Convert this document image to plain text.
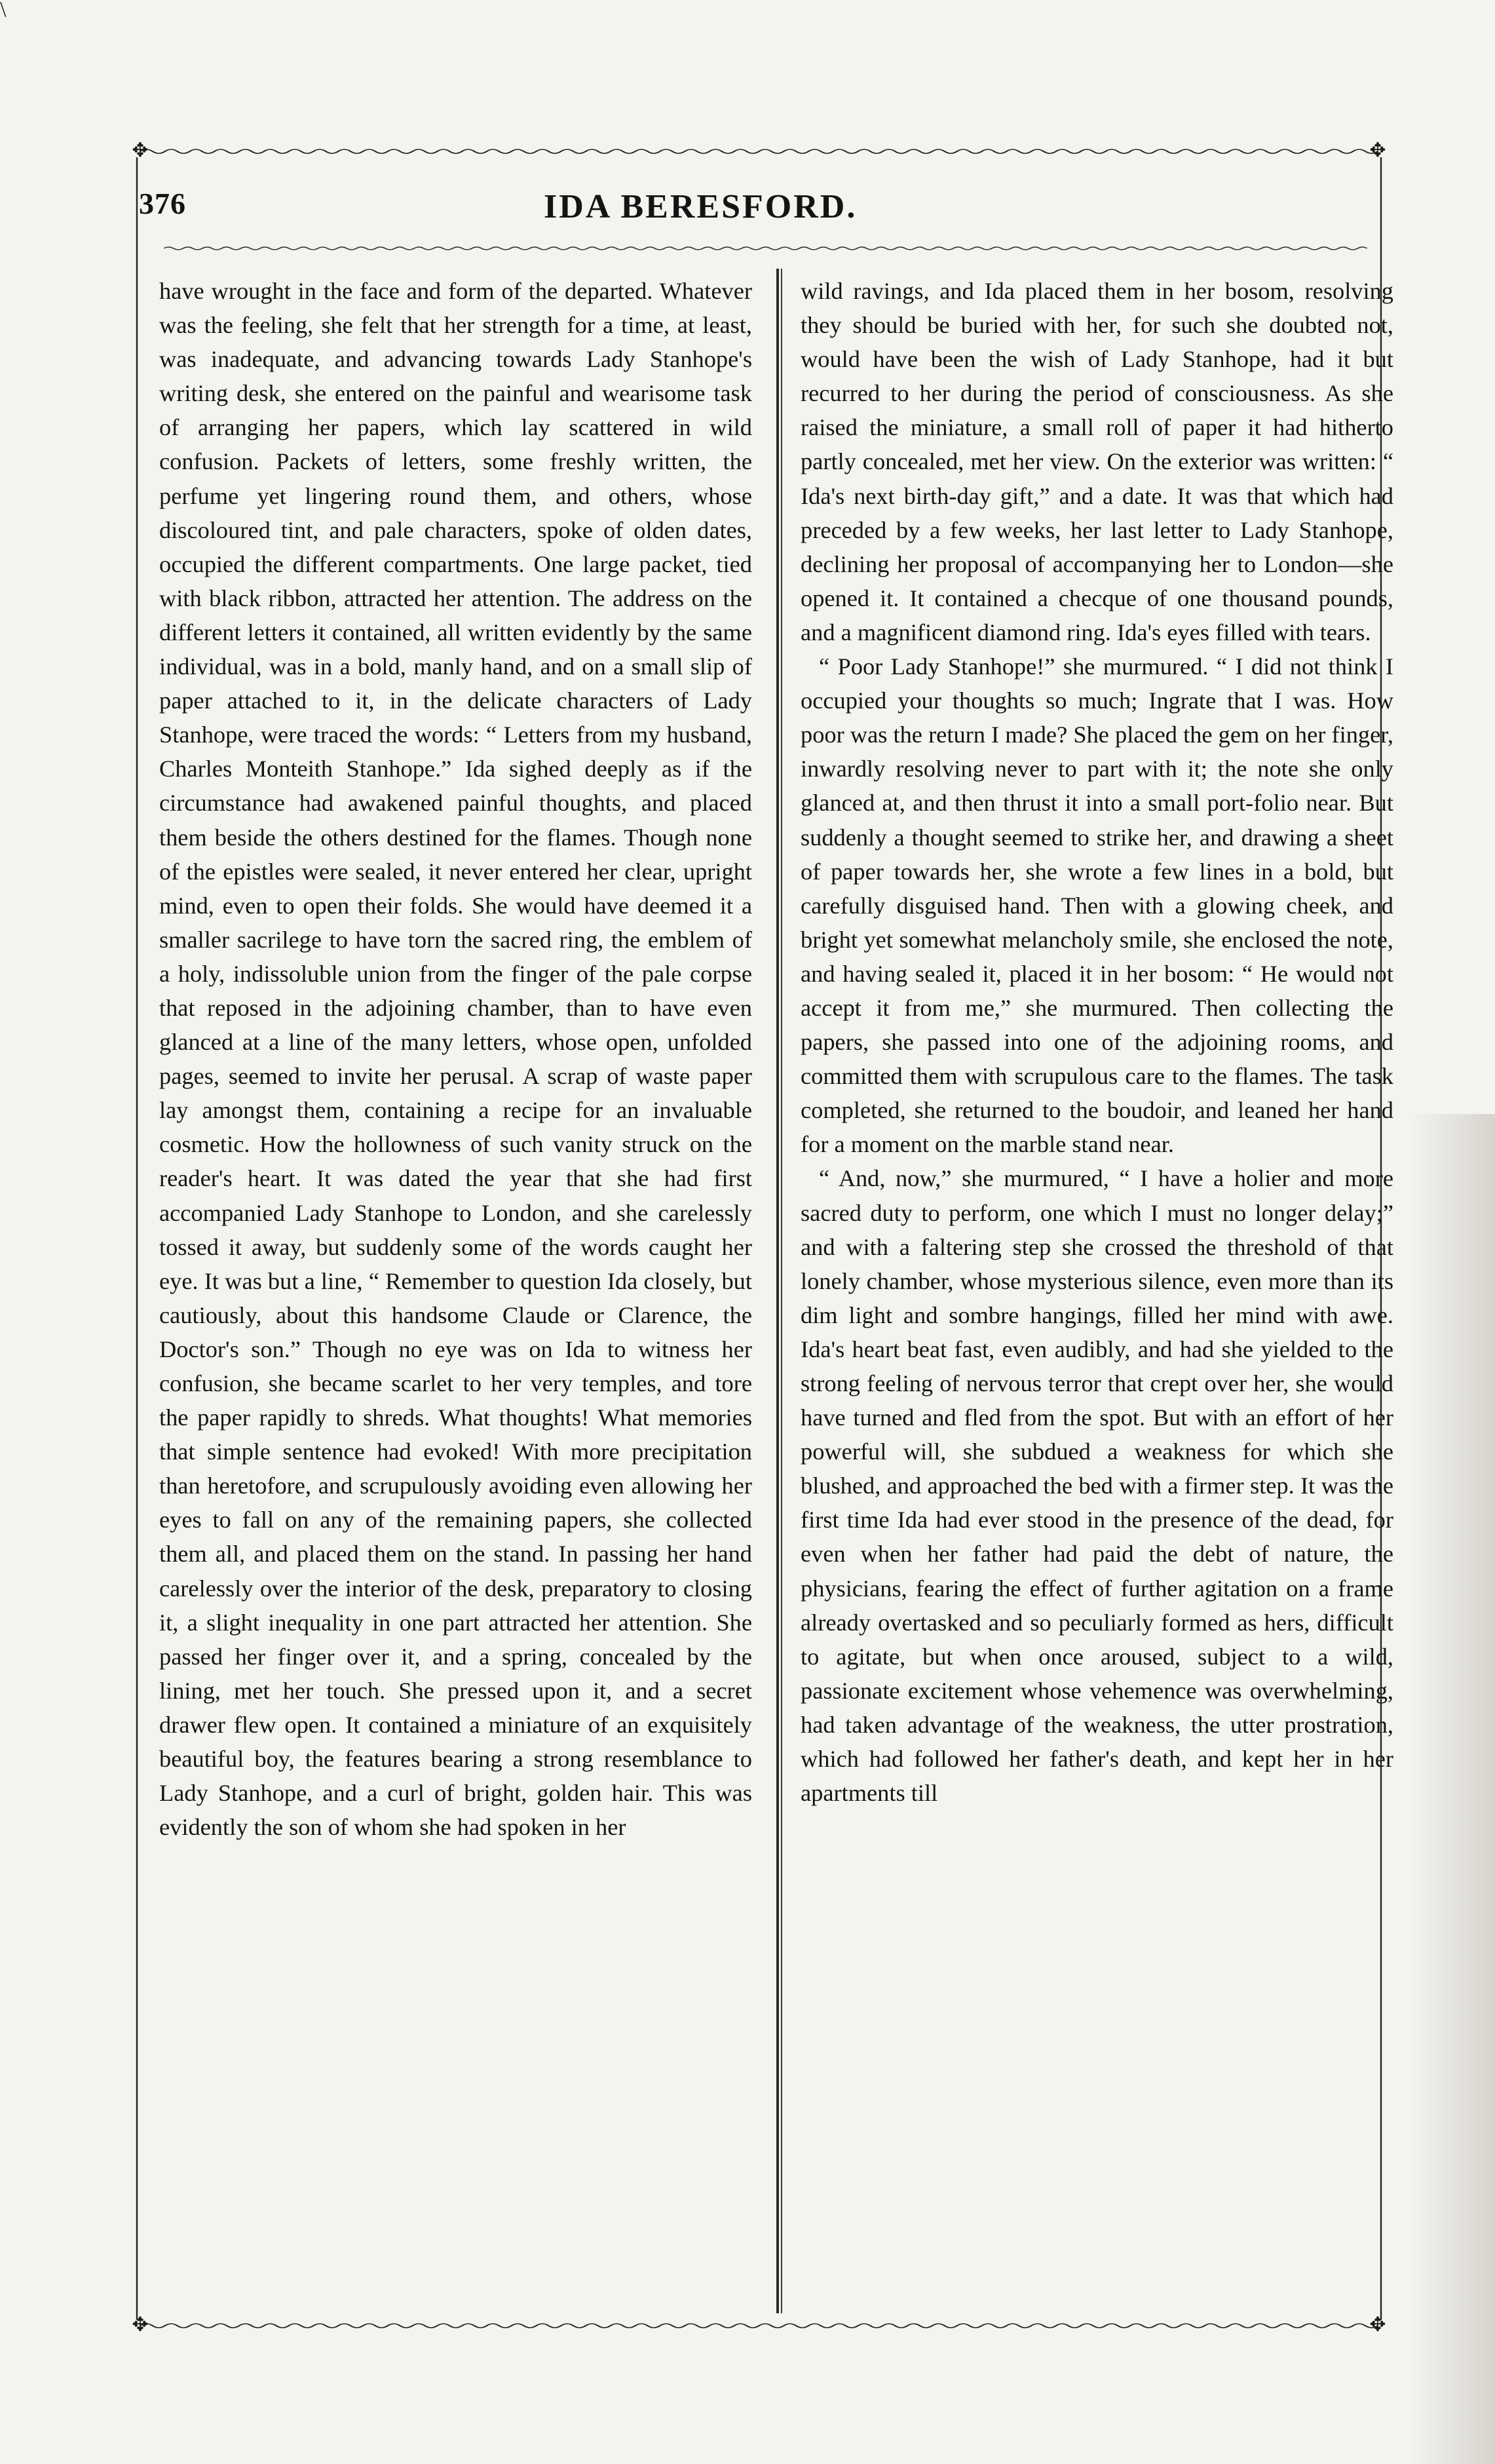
\
✥	✥
✥	✥
376	IDA BERESFORD.

have wrought in the face and form of the departed. Whatever was the feeling, she felt that her strength for a time, at least, was inadequate, and advancing towards Lady Stanhope's writing desk, she entered on the painful and wearisome task of arranging her papers, which lay scattered in wild confusion. Packets of letters, some freshly written, the perfume yet lingering round them, and others, whose discoloured tint, and pale characters, spoke of olden dates, occupied the different compartments. One large packet, tied with black ribbon, attracted her attention. The address on the different letters it contained, all written evidently by the same individual, was in a bold, manly hand, and on a small slip of paper attached to it, in the delicate characters of Lady Stanhope, were traced the words: “ Letters from my husband, Charles Monteith Stanhope.” Ida sighed deeply as if the circumstance had awakened painful thoughts, and placed them beside the others destined for the flames. Though none of the epistles were sealed, it never entered her clear, upright mind, even to open their folds. She would have deemed it a smaller sacrilege to have torn the sacred ring, the emblem of a holy, indissoluble union from the finger of the pale corpse that reposed in the adjoining chamber, than to have even glanced at a line of the many letters, whose open, unfolded pages, seemed to invite her perusal. A scrap of waste paper lay amongst them, containing a recipe for an invaluable cosmetic. How the hollowness of such vanity struck on the reader's heart. It was dated the year that she had first accompanied Lady Stanhope to London, and she carelessly tossed it away, but suddenly some of the words caught her eye. It was but a line, “ Remember to question Ida closely, but cautiously, about this handsome Claude or Clarence, the Doctor's son.” Though no eye was on Ida to witness her confusion, she became scarlet to her very temples, and tore the paper rapidly to shreds. What thoughts! What memories that simple sentence had evoked! With more precipitation than heretofore, and scrupulously avoiding even allowing her eyes to fall on any of the remaining papers, she collected them all, and placed them on the stand. In passing her hand carelessly over the interior of the desk, preparatory to closing it, a slight inequality in one part attracted her attention. She passed her finger over it, and a spring, concealed by the lining, met her touch. She pressed upon it, and a secret drawer flew open. It contained a miniature of an exquisitely beautiful boy, the features bearing a strong resemblance to Lady Stanhope, and a curl of bright, golden hair. This was evidently the son of whom she had spoken in her

wild ravings, and Ida placed them in her bosom, resolving they should be buried with her, for such she doubted not, would have been the wish of Lady Stanhope, had it but recurred to her during the period of consciousness. As she raised the miniature, a small roll of paper it had hitherto partly concealed, met her view. On the exterior was written: “ Ida's next birth-day gift,” and a date. It was that which had preceded by a few weeks, her last letter to Lady Stanhope, declining her proposal of accompanying her to London—she opened it. It contained a checque of one thousand pounds, and a magnificent diamond ring. Ida's eyes filled with tears.

“ Poor Lady Stanhope!” she murmured. “ I did not think I occupied your thoughts so much; Ingrate that I was. How poor was the return I made? She placed the gem on her finger, inwardly resolving never to part with it; the note she only glanced at, and then thrust it into a small port-folio near. But suddenly a thought seemed to strike her, and drawing a sheet of paper towards her, she wrote a few lines in a bold, but carefully disguised hand. Then with a glowing cheek, and bright yet somewhat melancholy smile, she enclosed the note, and having sealed it, placed it in her bosom: “ He would not accept it from me,” she murmured. Then collecting the papers, she passed into one of the adjoining rooms, and committed them with scrupulous care to the flames. The task completed, she returned to the boudoir, and leaned her hand for a moment on the marble stand near.

“ And, now,” she murmured, “ I have a holier and more sacred duty to perform, one which I must no longer delay;” and with a faltering step she crossed the threshold of that lonely chamber, whose mysterious silence, even more than its dim light and sombre hangings, filled her mind with awe. Ida's heart beat fast, even audibly, and had she yielded to the strong feeling of nervous terror that crept over her, she would have turned and fled from the spot. But with an effort of her powerful will, she subdued a weakness for which she blushed, and approached the bed with a firmer step. It was the first time Ida had ever stood in the presence of the dead, for even when her father had paid the debt of nature, the physicians, fearing the effect of further agitation on a frame already overtasked and so peculiarly formed as hers, difficult to agitate, but when once aroused, subject to a wild, passionate excitement whose vehemence was overwhelming, had taken advantage of the weakness, the utter prostration, which had followed her father's death, and kept her in her apartments till
